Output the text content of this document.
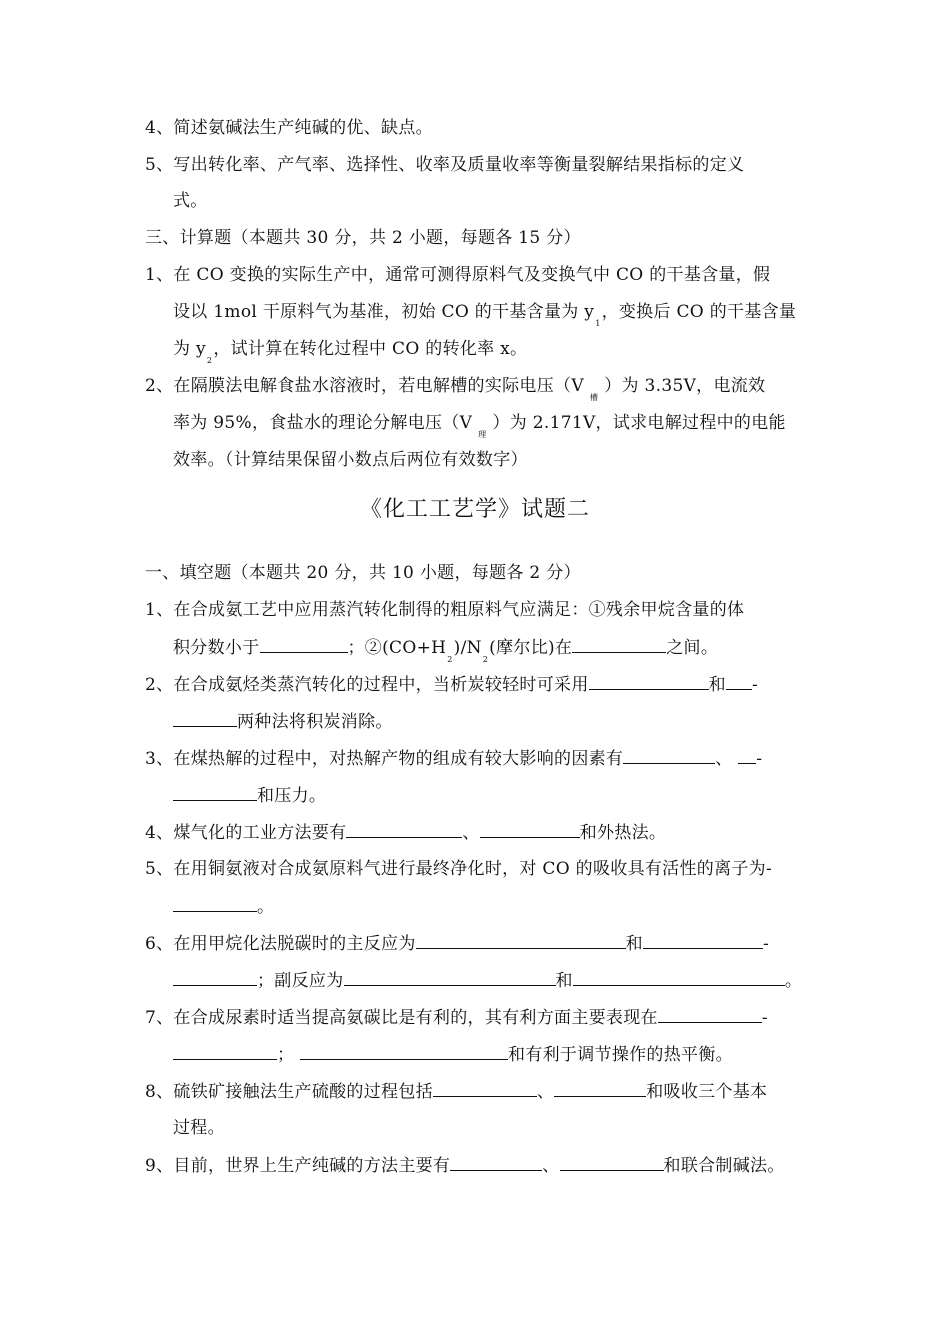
4、简述氨碱法生产纯碱的优、缺点。
5、写出转化率、产气率、选择性、收率及质量收率等衡量裂解结果指标的定义
式。
三、计算题（本题共 30 分，共 2 小题，每题各 15 分）
1、在 CO 变换的实际生产中，通常可测得原料气及变换气中 CO 的干基含量，假
设以 1mol 干原料气为基准，初始 CO 的干基含量为 $y_1$，变换后 CO 的干基含量
为 $y_2$，试计算在转化过程中 CO 的转化率 x。
2、在隔膜法电解食盐水溶液时，若电解槽的实际电压$(V_槽)$为 3.35V，电流效
率为 95%，食盐水的理论分解电压$(V_理)$为 2.171V，试求电解过程中的电能
效率。（计算结果保留小数点后两位有效数字）
《化工工艺学》试题二
一、填空题（本题共 20 分，共 10 小题，每题各 2 分）
1、在合成氨工艺中应用蒸汽转化制得的粗原料气应满足：①残余甲烷含量的体
积分数小于	；$②(CO+H_2)/N_2$(摩尔比)在	之间。
2、在合成氨烃类蒸汽转化的过程中，当析炭较轻时可采用	和 -
两种法将积炭消除。
3、在煤热解的过程中，对热解产物的组成有较大影响的因素有	、 -
和压力。
4、煤气化的工业方法要有	、	和外热法。
5、在用铜氨液对合成氨原料气进行最终净化时，对 CO 的吸收具有活性的离子为-
。
6、在用甲烷化法脱碳时的主反应为	和	-
；副反应为	和	。
7、在合成尿素时适当提高氨碳比是有利的，其有利方面主要表现在	-
；	和有利于调节操作的热平衡。
8、硫铁矿接触法生产硫酸的过程包括	、	和吸收三个基本
过程。
9、目前，世界上生产纯碱的方法主要有	、	和联合制碱法。
